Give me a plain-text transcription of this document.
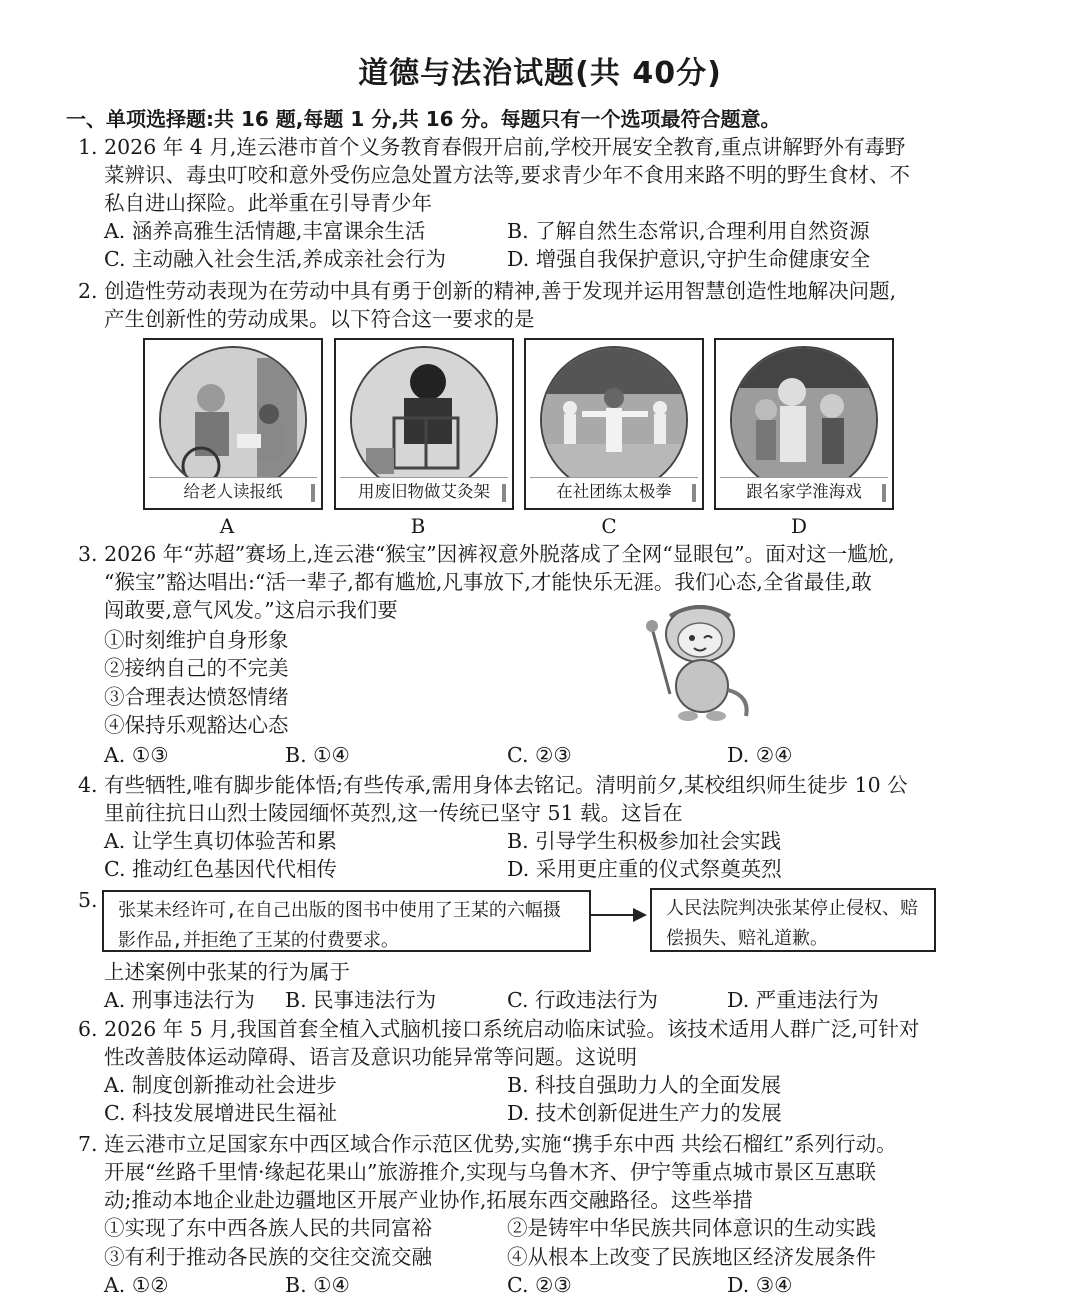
道德与法治试题(共 40分)
一、单项选择题:共 16 题,每题 1 分,共 16 分。每题只有一个选项最符合题意。
1. 2026 年 4 月,连云港市首个义务教育春假开启前,学校开展安全教育,重点讲解野外有毒野
菜辨识、毒虫叮咬和意外受伤应急处置方法等,要求青少年不食用来路不明的野生食材、不
私自进山探险。此举重在引导青少年
A. 涵养高雅生活情趣,丰富课余生活	B. 了解自然生态常识,合理利用自然资源
C. 主动融入社会生活,养成亲社会行为	D. 增强自我保护意识,守护生命健康安全
2. 创造性劳动表现为在劳动中具有勇于创新的精神,善于发现并运用智慧创造性地解决问题,
产生创新性的劳动成果。以下符合这一要求的是
给老人读报纸	用废旧物做艾灸架	在社团练太极拳	跟名家学淮海戏
A	B	C	D
3. 2026 年“苏超”赛场上,连云港“猴宝”因裤衩意外脱落成了全网“显眼包”。面对这一尴尬,
“猴宝”豁达唱出:“活一辈子,都有尴尬,凡事放下,才能快乐无涯。我们心态,全省最佳,敢
闯敢要,意气风发。”这启示我们要
①时刻维护自身形象
②接纳自己的不完美
③合理表达愤怒情绪
④保持乐观豁达心态
A. ①③	B. ①④	C. ②③	D. ②④
4. 有些牺牲,唯有脚步能体悟;有些传承,需用身体去铭记。清明前夕,某校组织师生徒步 10 公
里前往抗日山烈士陵园缅怀英烈,这一传统已坚守 51 载。这旨在
A. 让学生真切体验苦和累	B. 引导学生积极参加社会实践
C. 推动红色基因代代相传	D. 采用更庄重的仪式祭奠英烈
5.	张某未经许可,在自己出版的图书中使用了王某的六幅摄影作品,并拒绝了王某的付费要求。
人民法院判决张某停止侵权、赔偿损失、赔礼道歉。
上述案例中张某的行为属于
A. 刑事违法行为 B. 民事违法行为	C. 行政违法行为	D. 严重违法行为
6. 2026 年 5 月,我国首套全植入式脑机接口系统启动临床试验。该技术适用人群广泛,可针对
性改善肢体运动障碍、语言及意识功能异常等问题。这说明
A. 制度创新推动社会进步	B. 科技自强助力人的全面发展
C. 科技发展增进民生福祉	D. 技术创新促进生产力的发展
7. 连云港市立足国家东中西区域合作示范区优势,实施“携手东中西 共绘石榴红”系列行动。
开展“丝路千里情·缘起花果山”旅游推介,实现与乌鲁木齐、伊宁等重点城市景区互惠联
动;推动本地企业赴边疆地区开展产业协作,拓展东西交融路径。这些举措
①实现了东中西各族人民的共同富裕	②是铸牢中华民族共同体意识的生动实践
③有利于推动各民族的交往交流交融	④从根本上改变了民族地区经济发展条件
A. ①②	B. ①④	C. ②③	D. ③④
